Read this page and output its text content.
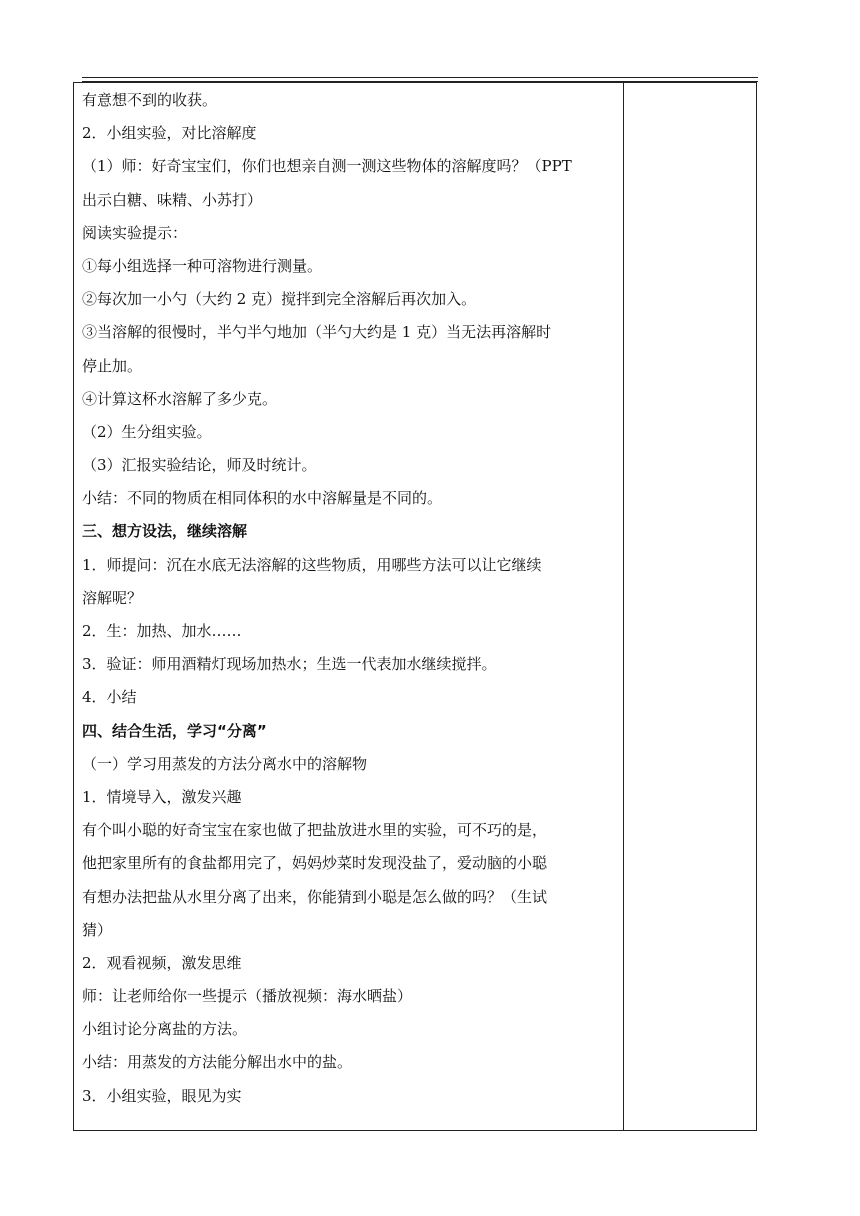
有意想不到的收获。
2．小组实验，对比溶解度
（1）师：好奇宝宝们，你们也想亲自测一测这些物体的溶解度吗？（PPT
出示白糖、味精、小苏打）
阅读实验提示：
①每小组选择一种可溶物进行测量。
②每次加一小勺（大约 2 克）搅拌到完全溶解后再次加入。
③当溶解的很慢时，半勺半勺地加（半勺大约是 1 克）当无法再溶解时
停止加。
④计算这杯水溶解了多少克。
（2）生分组实验。
（3）汇报实验结论，师及时统计。
小结：不同的物质在相同体积的水中溶解量是不同的。
三、想方设法，继续溶解
1．师提问：沉在水底无法溶解的这些物质，用哪些方法可以让它继续
溶解呢？
2．生：加热、加水……
3．验证：师用酒精灯现场加热水；生选一代表加水继续搅拌。
4．小结
四、结合生活，学习“分离”
（一）学习用蒸发的方法分离水中的溶解物
1．情境导入，激发兴趣
有个叫小聪的好奇宝宝在家也做了把盐放进水里的实验，可不巧的是，
他把家里所有的食盐都用完了，妈妈炒菜时发现没盐了，爱动脑的小聪
有想办法把盐从水里分离了出来，你能猜到小聪是怎么做的吗？（生试
猜）
2．观看视频，激发思维
师：让老师给你一些提示（播放视频：海水晒盐）
小组讨论分离盐的方法。
小结：用蒸发的方法能分解出水中的盐。
3．小组实验，眼见为实
